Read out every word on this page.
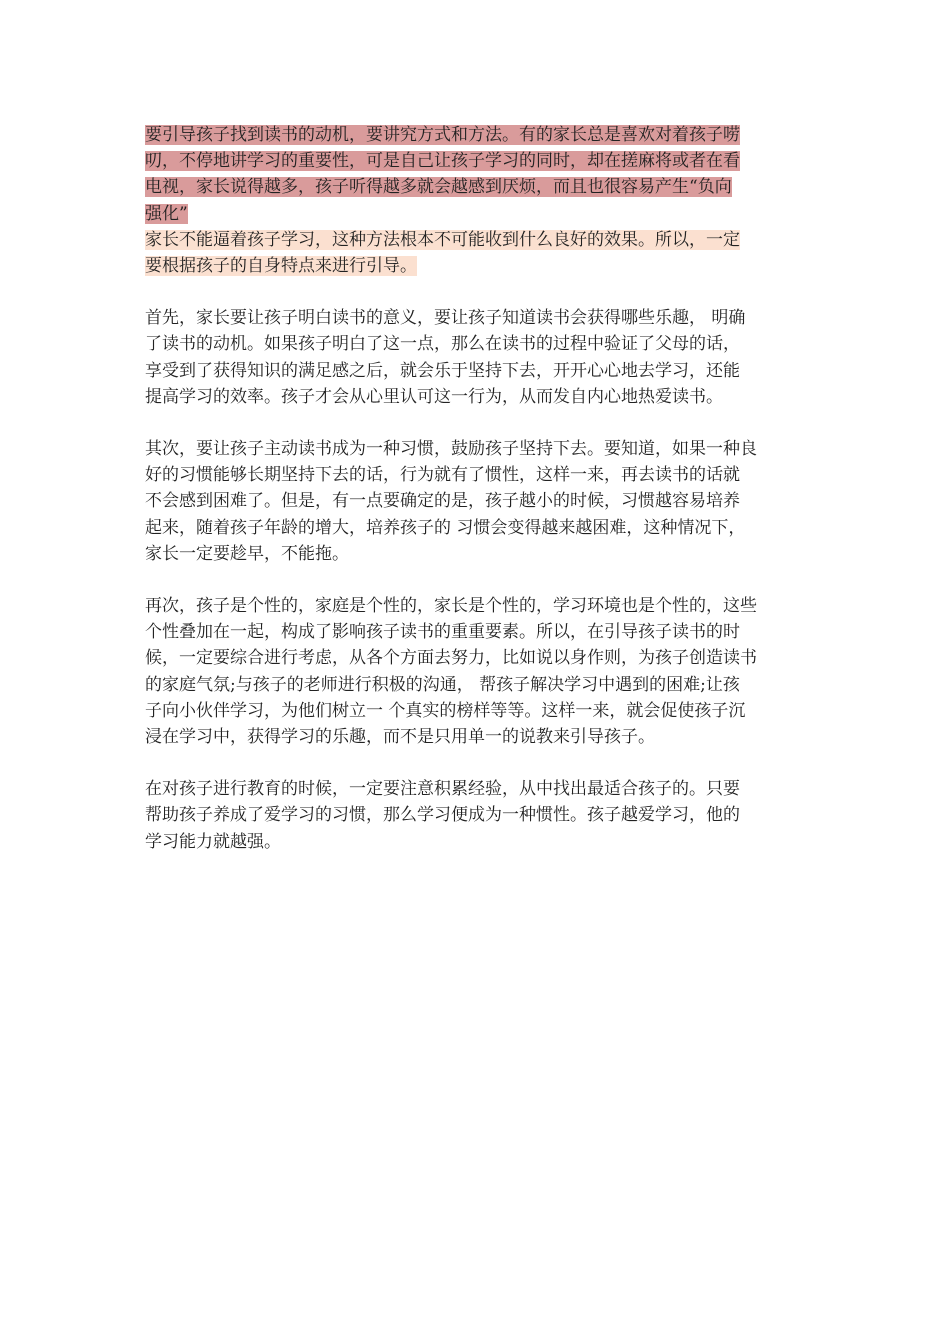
要引导孩子找到读书的动机，要讲究方式和方法。有的家长总是喜欢对着孩子唠
叨，不停地讲学习的重要性，可是自己让孩子学习的同时，却在搓麻将或者在看
电视，家长说得越多，孩子听得越多就会越感到厌烦，而且也很容易产生“负向
强化”
家长不能逼着孩子学习，这种方法根本不可能收到什么良好的效果。所以，一定
要根据孩子的自身特点来进行引导。
首先，家长要让孩子明白读书的意义，要让孩子知道读书会获得哪些乐趣， 明确
了读书的动机。如果孩子明白了这一点，那么在读书的过程中验证了父母的话，
享受到了获得知识的满足感之后，就会乐于坚持下去，开开心心地去学习，还能
提高学习的效率。孩子才会从心里认可这一行为，从而发自内心地热爱读书。
其次，要让孩子主动读书成为一种习惯，鼓励孩子坚持下去。要知道，如果一种良
好的习惯能够长期坚持下去的话，行为就有了惯性，这样一来，再去读书的话就
不会感到困难了。但是，有一点要确定的是，孩子越小的时候，习惯越容易培养
起来，随着孩子年龄的增大，培养孩子的 习惯会变得越来越困难，这种情况下，
家长一定要趁早，不能拖。
再次，孩子是个性的，家庭是个性的，家长是个性的，学习环境也是个性的，这些
个性叠加在一起，构成了影响孩子读书的重重要素。所以，在引导孩子读书的时
候，一定要综合进行考虑，从各个方面去努力，比如说以身作则，为孩子创造读书
的家庭气氛;与孩子的老师进行积极的沟通， 帮孩子解决学习中遇到的困难;让孩
子向小伙伴学习，为他们树立一 个真实的榜样等等。这样一来，就会促使孩子沉
浸在学习中，获得学习的乐趣，而不是只用单一的说教来引导孩子。
在对孩子进行教育的时候，一定要注意积累经验，从中找出最适合孩子的。只要
帮助孩子养成了爱学习的习惯，那么学习便成为一种惯性。孩子越爱学习，他的
学习能力就越强。
